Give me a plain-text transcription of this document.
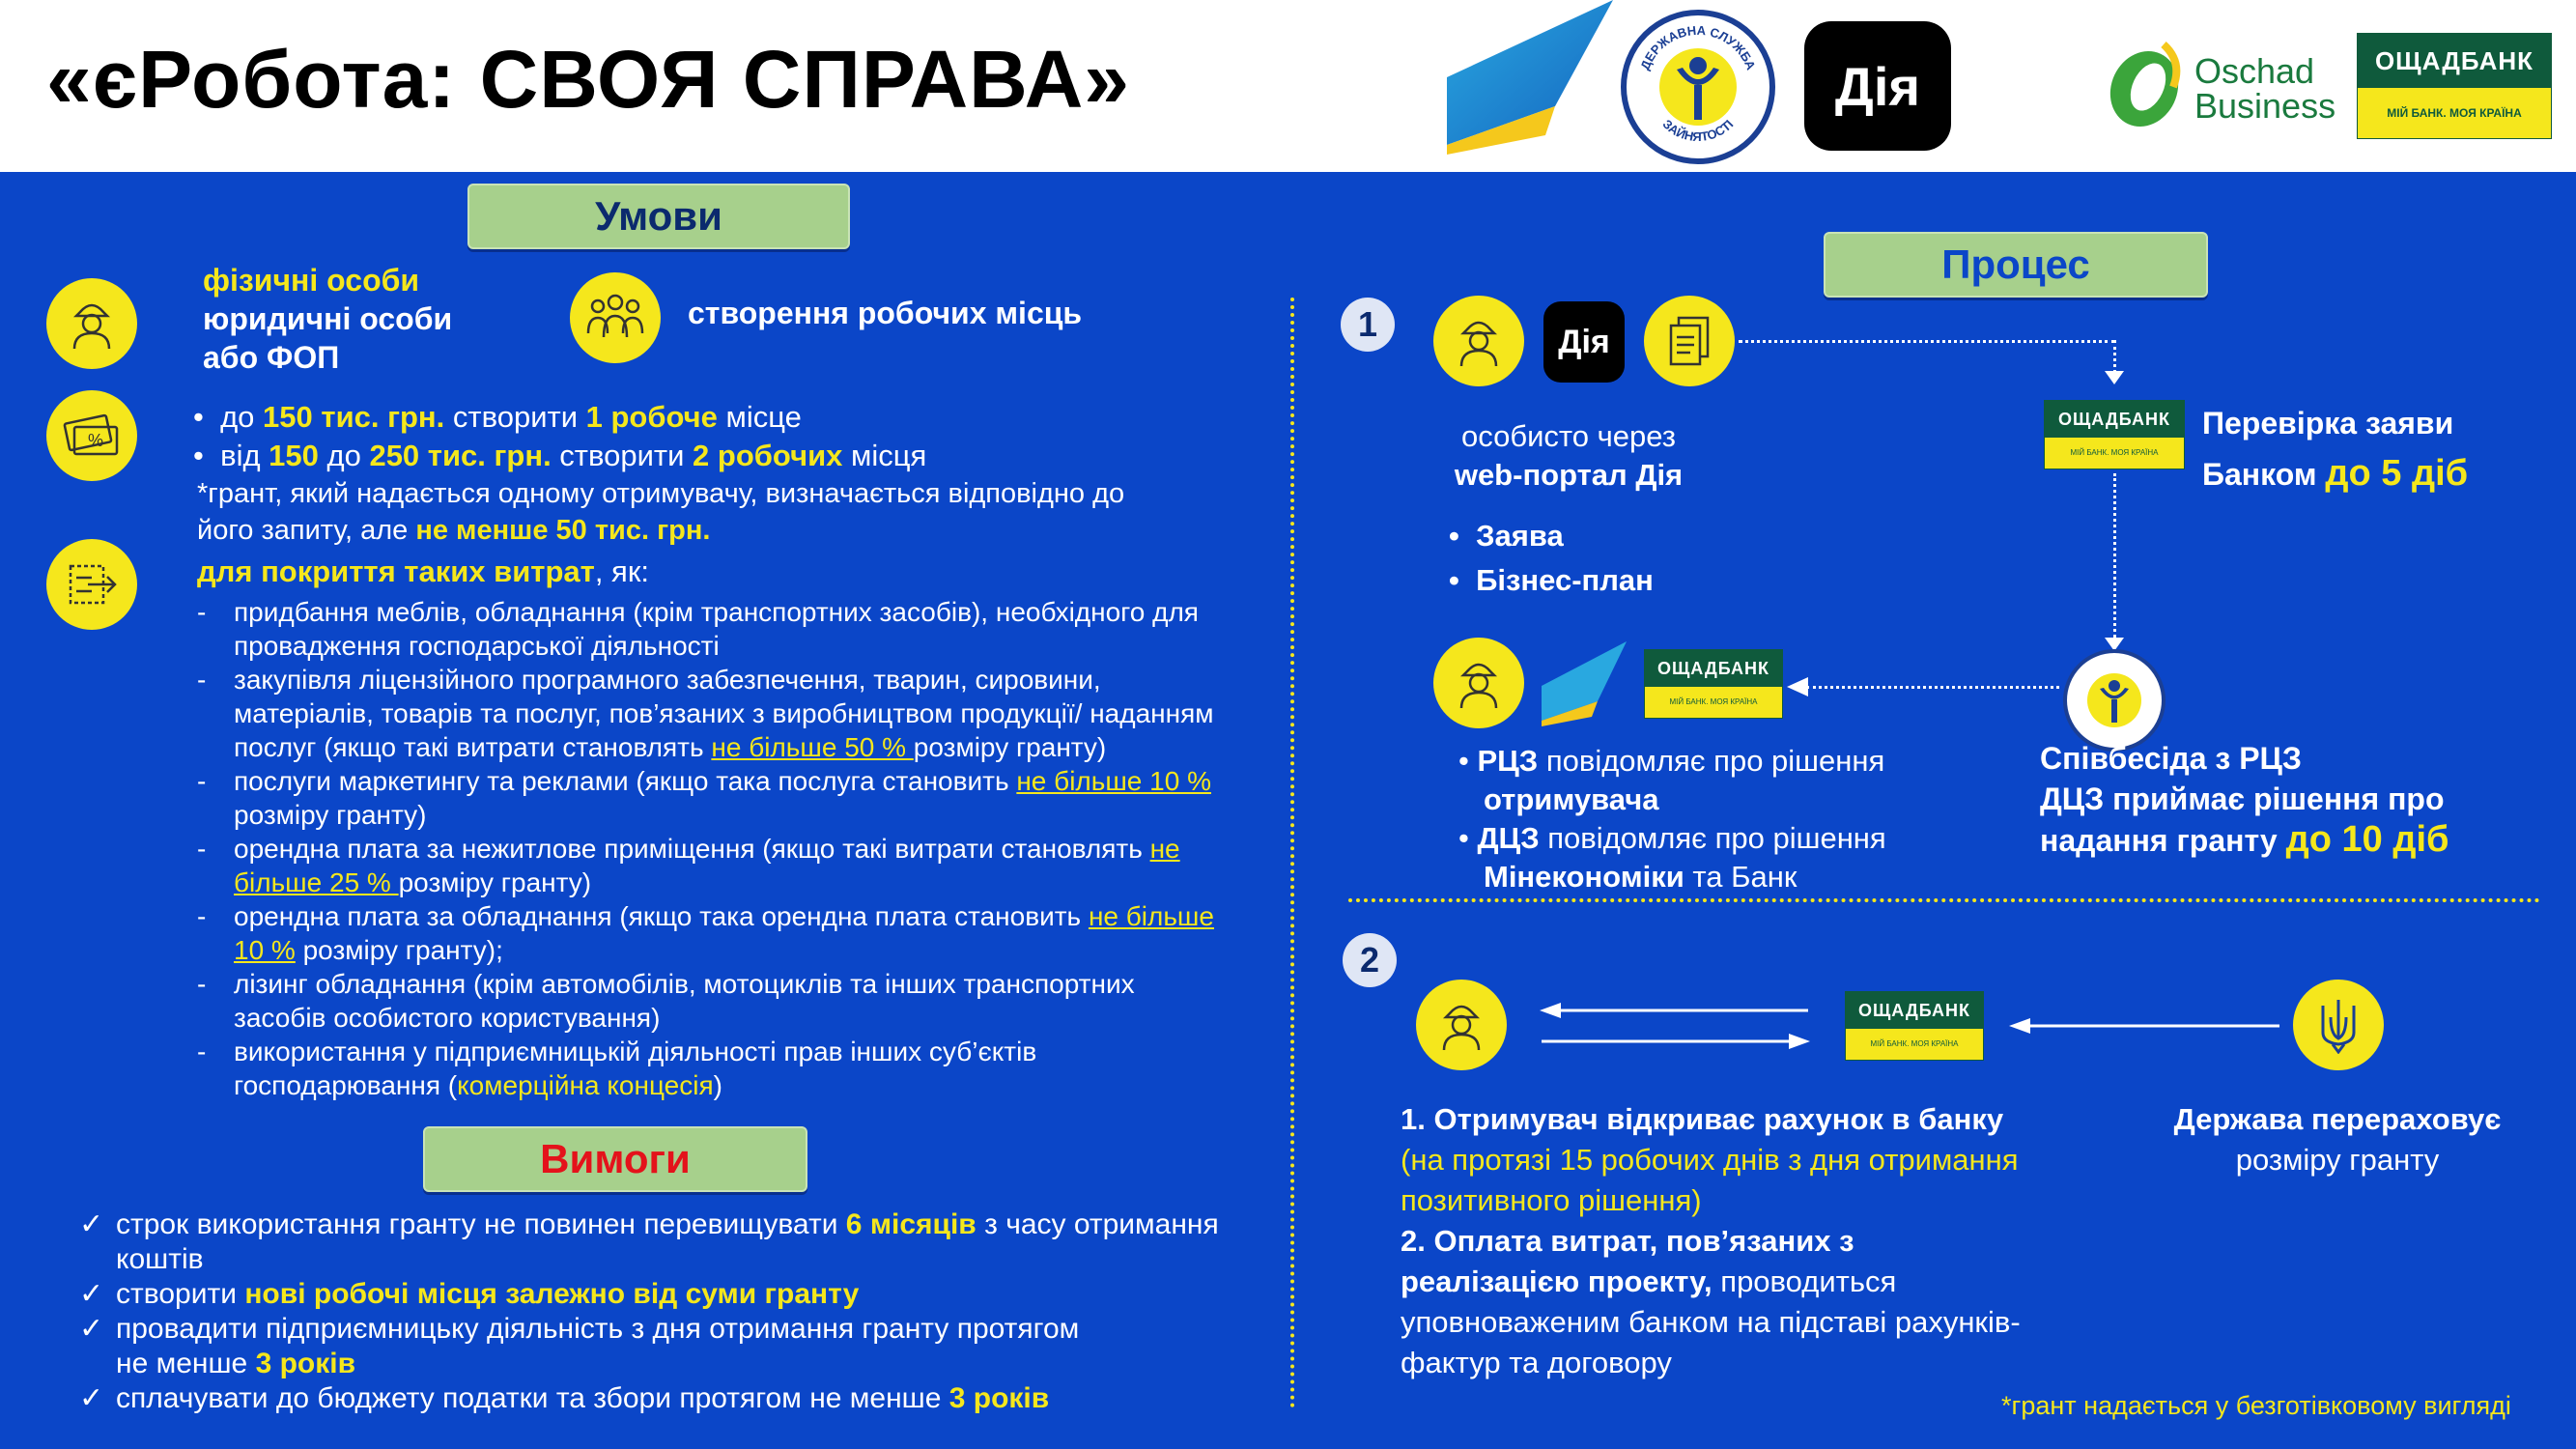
«єРобота: СВОЯ СПРАВА»	ДЕРЖАВНА СЛУЖБА
ЗАЙНЯТОСТІ
Дія	Oschad
Business
ОЩАДБАНК
МІЙ БАНК. МОЯ КРАЇНА
Умови
фізичні особи
юридичні особи
або ФОП
створення робочих місць
%
•  до 150 тис. грн. створити 1 робоче місце
•  від 150 до 250 тис. грн. створити 2 робочих місця
*грант, який надається одному отримувачу, визначається відповідно до
його запиту, але не менше 50 тис. грн.
для покриття таких витрат, як:
- придбання меблів, обладнання (крім транспортних засобів), необхідного для
провадження господарської діяльності
- закупівля ліцензійного програмного забезпечення, тварин, сировини,
матеріалів, товарів та послуг, пов’язаних з виробництвом продукції/ наданням
послуг (якщо такі витрати становлять не більше 50 % розміру гранту)
- послуги маркетингу та реклами (якщо така послуга становить не більше 10 %
розміру гранту)
- орендна плата за нежитлове приміщення (якщо такі витрати становлять не
більше 25 % розміру гранту)
- орендна плата за обладнання (якщо така орендна плата становить не більше
10 % розміру гранту);
- лізинг обладнання (крім автомобілів, мотоциклів та інших транспортних
засобів особистого користування)
- використання у підприємницькій діяльності прав інших суб’єктів
господарювання (комерційна концесія)
Вимоги
✓ строк використання гранту не повинен перевищувати 6 місяців з часу отримання
коштів
✓ створити нові робочі місця залежно від суми гранту
✓ провадити підприємницьку діяльність з дня отримання гранту протягом
не менше 3 років
✓ сплачувати до бюджету податки та збори протягом не менше 3 років
Процес
1	Дія
особисто через
web-портал Дія
•  Заява
•  Бізнес-план
ОЩАДБАНК
МІЙ БАНК. МОЯ КРАЇНА
Перевірка заяви
Банком до 5 діб
ОЩАДБАНК
МІЙ БАНК. МОЯ КРАЇНА
• РЦЗ повідомляє про рішення
отримувача
• ДЦЗ повідомляє про рішення
Мінекономіки та Банк
Співбесіда з РЦЗ
ДЦЗ приймає рішення про
надання гранту до 10 діб
2
ОЩАДБАНК
МІЙ БАНК. МОЯ КРАЇНА
1. Отримувач відкриває рахунок в банку
(на протязі 15 робочих днів з дня отримання
позитивного рішення)
2. Оплата витрат, пов’язаних з
реалізацією проекту, проводиться
уповноваженим банком на підставі рахунків-
фактур та договору
Держава перераховує
розміру гранту
*грант надається у безготівковому вигляді
